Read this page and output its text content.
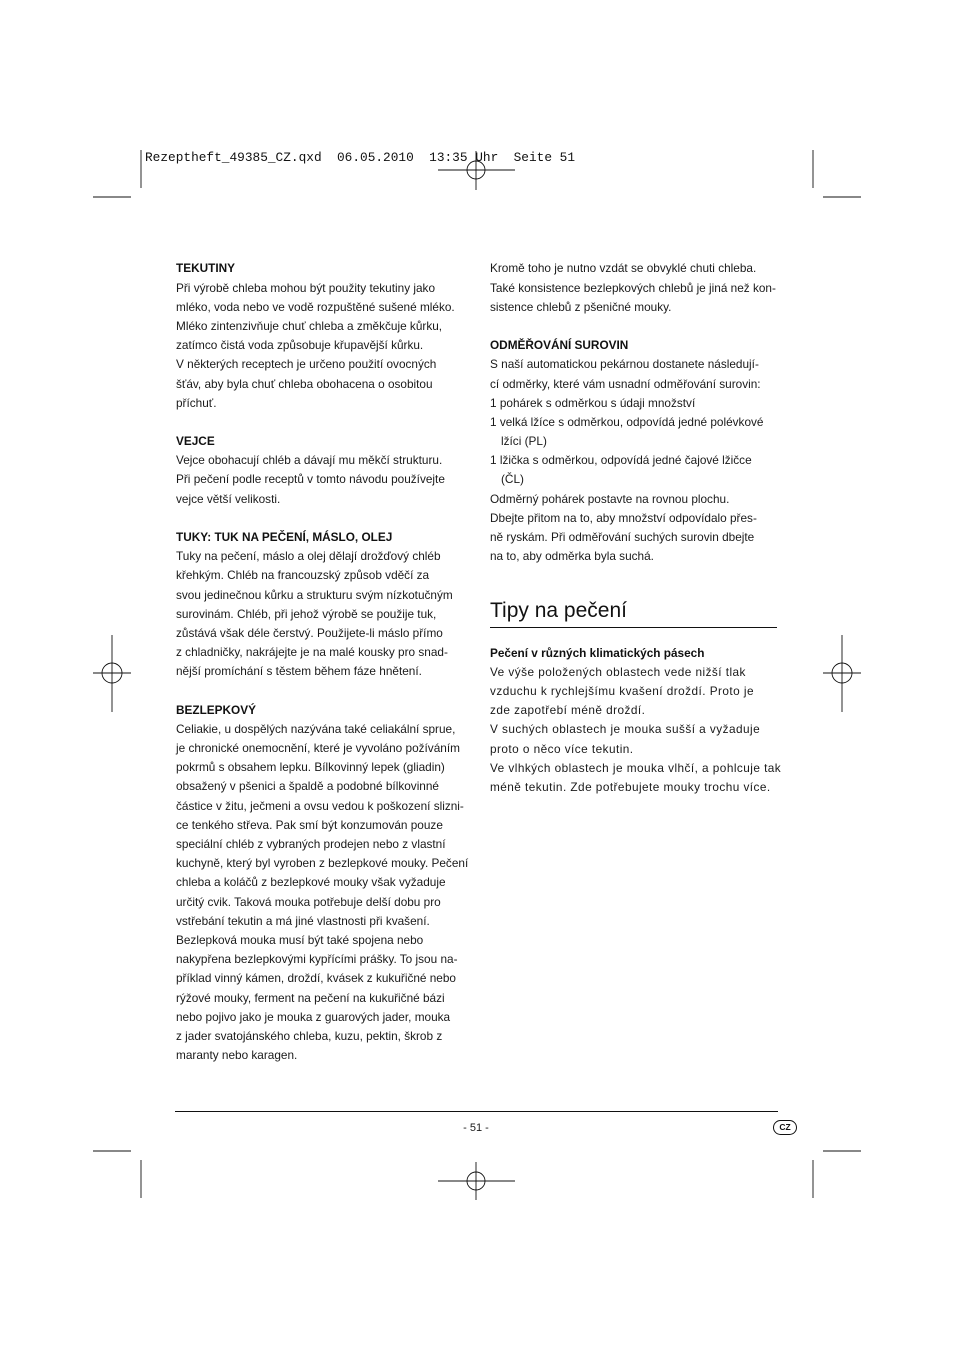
Rezeptheft_49385_CZ.qxd  06.05.2010  13:35 Uhr  Seite 51
TEKUTINY
Při výrobě chleba mohou být použity tekutiny jako
mléko, voda nebo ve vodě rozpuštěné sušené mléko.
Mléko zintenzivňuje chuť chleba a změkčuje kůrku,
zatímco čistá voda způsobuje křupavější kůrku.
V některých receptech je určeno použití ovocných
šťáv, aby byla chuť chleba obohacena o osobitou
příchuť.
VEJCE
Vejce obohacují chléb a dávají mu měkčí strukturu.
Při pečení podle receptů v tomto návodu používejte
vejce větší velikosti.
TUKY: TUK NA PEČENÍ, MÁSLO, OLEJ
Tuky na pečení, máslo a olej dělají drožďový chléb
křehkým. Chléb na francouzský způsob vděčí za
svou jedinečnou kůrku a strukturu svým nízkotučným
surovinám. Chléb, při jehož výrobě se použije tuk,
zůstává však déle čerstvý. Použijete-li máslo přímo
z chladničky, nakrájejte je na malé kousky pro snad-
nější promíchání s těstem během fáze hnětení.
BEZLEPKOVÝ
Celiakie, u dospělých nazývána také celiakální sprue,
je chronické onemocnění, které je vyvoláno požíváním
pokrmů s obsahem lepku. Bílkovinný lepek (gliadin)
obsažený v pšenici a špaldě a podobné bílkovinné
částice v žitu, ječmeni a ovsu vedou k poškození slizni-
ce tenkého střeva. Pak smí být konzumován pouze
speciální chléb z vybraných prodejen nebo z vlastní
kuchyně, který byl vyroben z bezlepkové mouky. Pečení
chleba a koláčů z bezlepkové mouky však vyžaduje
určitý cvik. Taková mouka potřebuje delší dobu pro
vstřebání tekutin a má jiné vlastnosti při kvašení.
Bezlepková mouka musí být také spojena nebo
nakypřena bezlepkovými kypřícími prášky. To jsou na-
příklad vinný kámen, droždí, kvásek z kukuřičné nebo
rýžové mouky, ferment na pečení na kukuřičné bázi
nebo pojivo jako je mouka z guarových jader, mouka
z jader svatojánského chleba, kuzu, pektin, škrob z
maranty nebo karagen.
Kromě toho je nutno vzdát se obvyklé chuti chleba.
Také konsistence bezlepkových chlebů je jiná než kon-
sistence chlebů z pšeničné mouky.
ODMĚŘOVÁNÍ SUROVIN
S naší automatickou pekárnou dostanete následují-
cí odměrky, které vám usnadní odměřování surovin:
1 pohárek s odměrkou s údaji množství
1 velká lžíce s odměrkou, odpovídá jedné polévkové
lžíci (PL)
1 lžička s odměrkou, odpovídá jedné čajové lžičce
(ČL)
Odměrný pohárek postavte na rovnou plochu.
Dbejte přitom na to, aby množství odpovídalo přes-
ně ryskám. Při odměřování suchých surovin dbejte
na to, aby odměrka byla suchá.
Tipy na pečení
Pečení v různých klimatických pásech
Ve výše položených oblastech vede nižší tlak
vzduchu k rychlejšímu kvašení droždí. Proto je
zde zapotřebí méně droždí.
V suchých oblastech je mouka sušší a vyžaduje
proto o něco více tekutin.
Ve vlhkých oblastech je mouka vlhčí, a pohlcuje tak
méně tekutin. Zde potřebujete mouky trochu více.
- 51 -	CZ
